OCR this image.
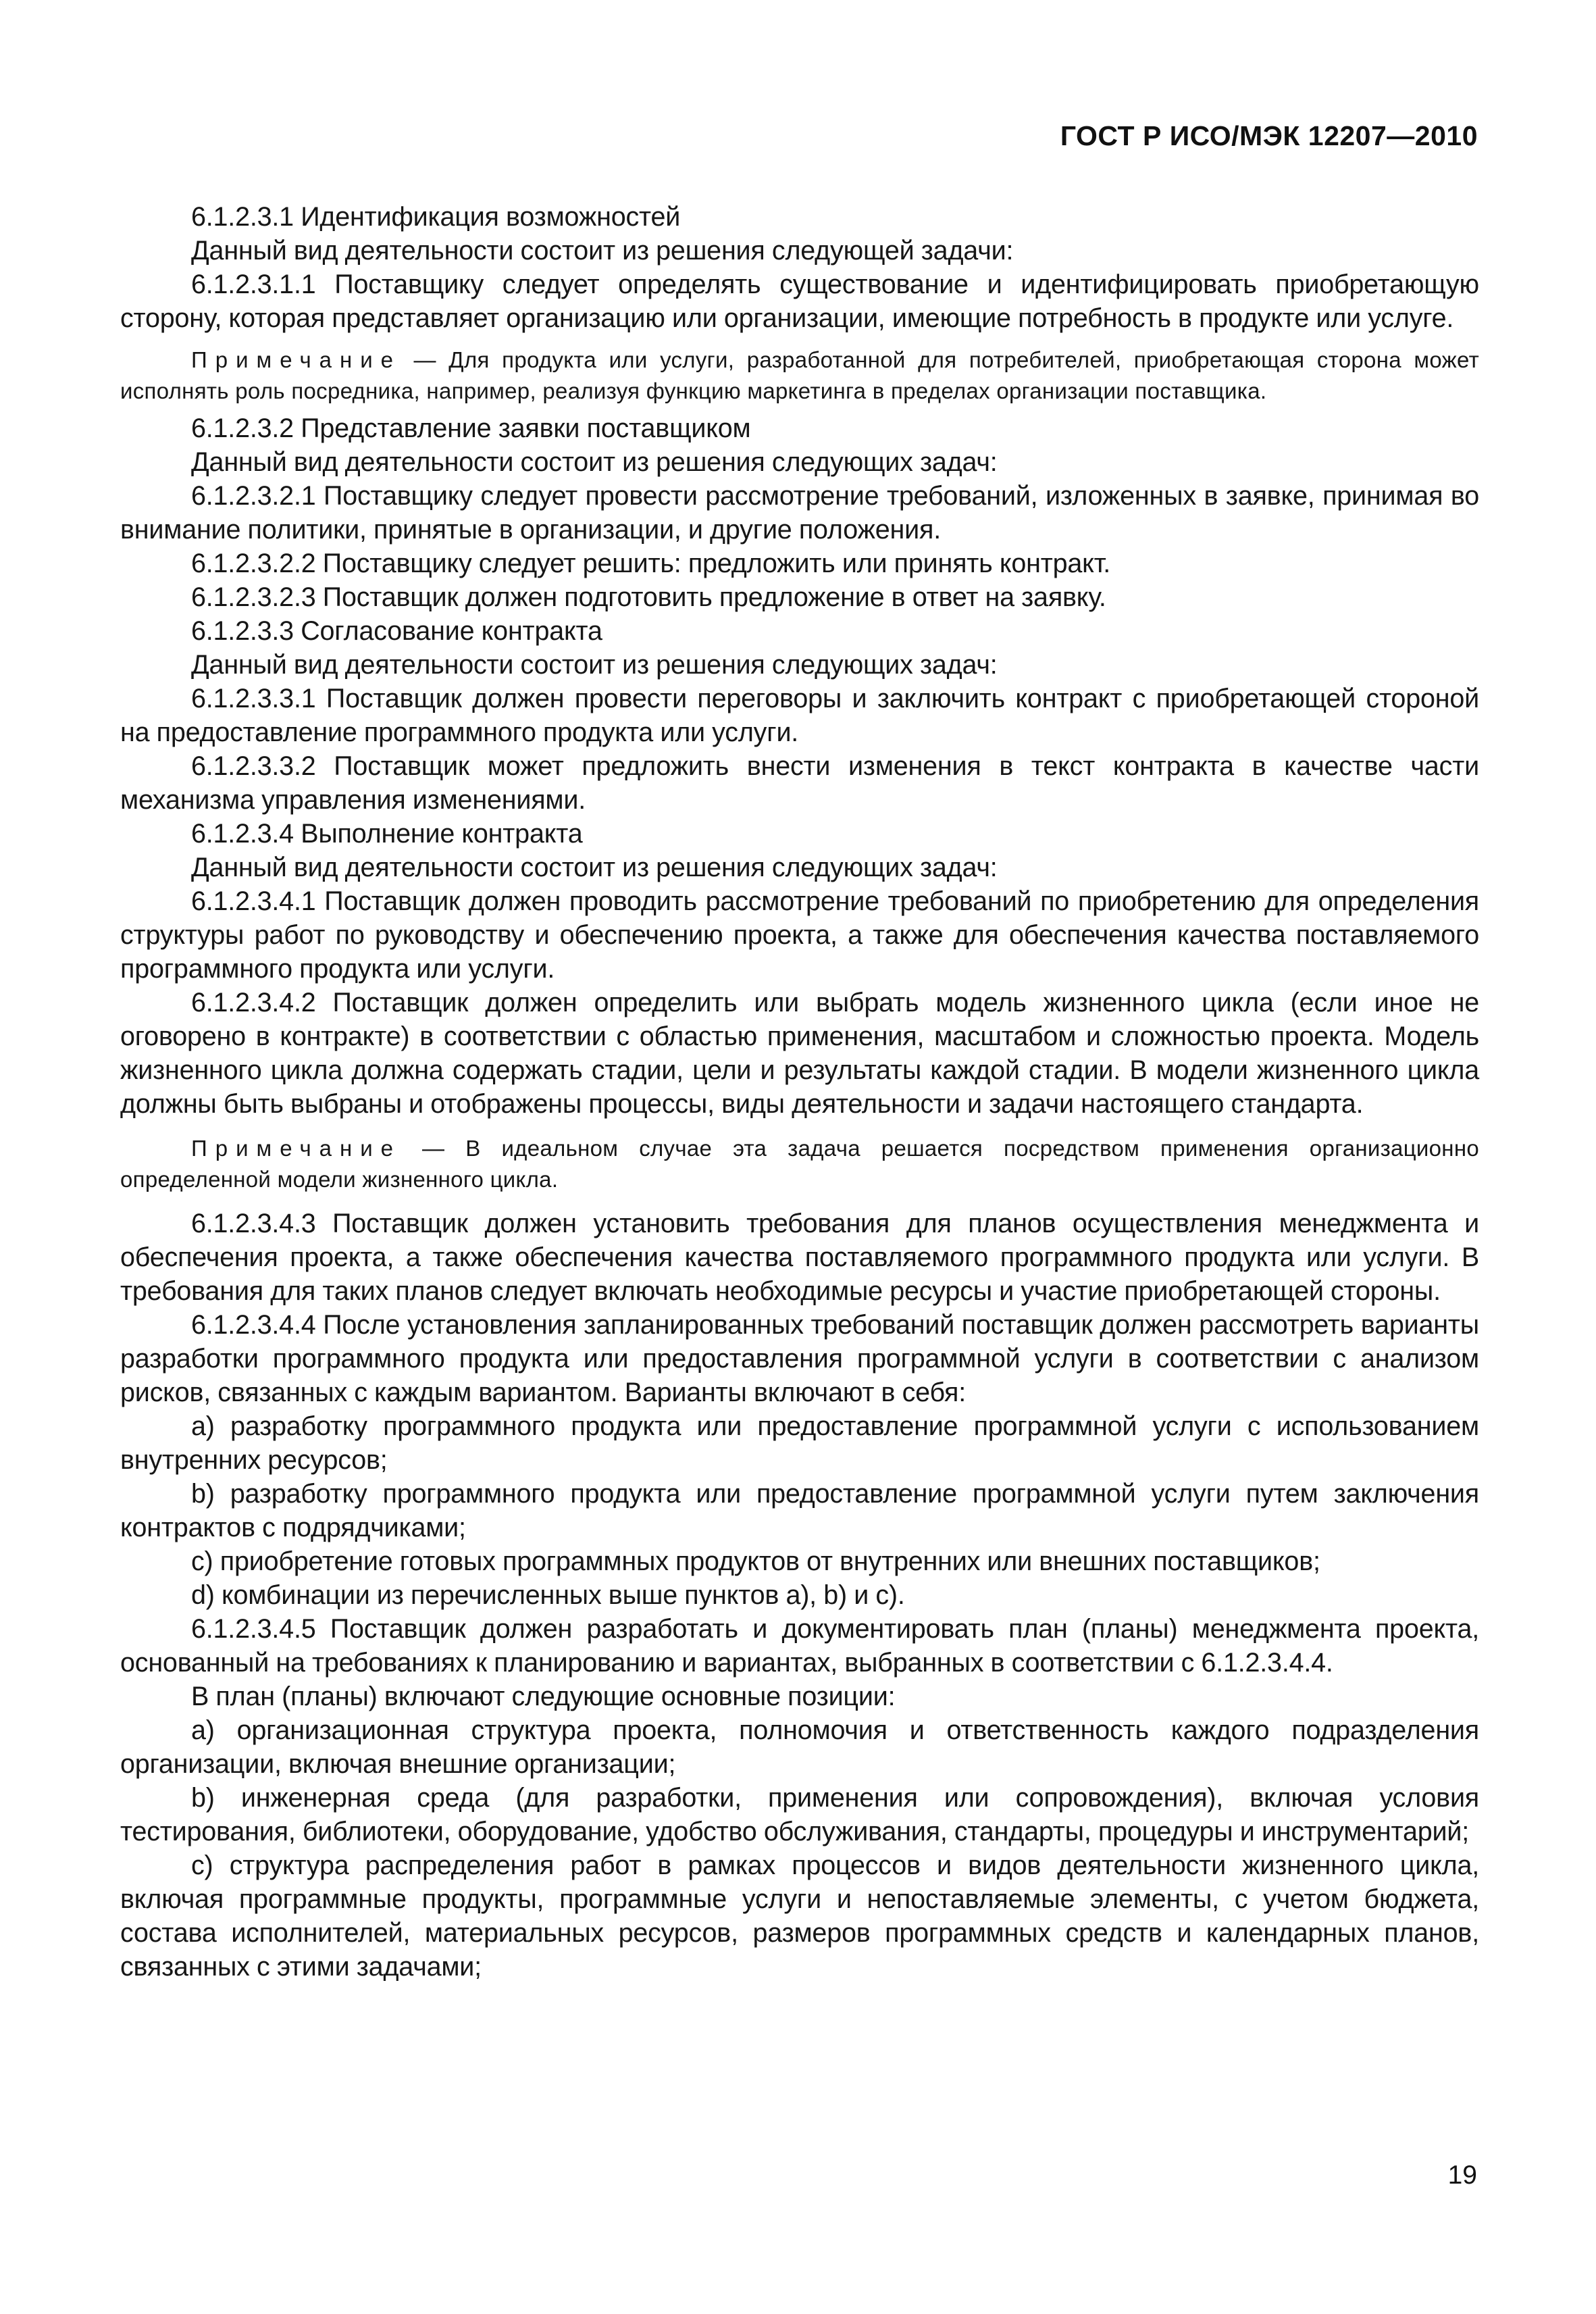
ГОСТ Р ИСО/МЭК 12207—2010

6.1.2.3.1 Идентификация возможностей

Данный вид деятельности состоит из решения следующей задачи:

6.1.2.3.1.1 Поставщику следует определять существование и идентифицировать приобретающую сторону, которая представляет организацию или организации, имеющие потребность в продукте или услуге.

Примечание — Для продукта или услуги, разработанной для потребителей, приобретающая сторона может исполнять роль посредника, например, реализуя функцию маркетинга в пределах организации поставщика.

6.1.2.3.2 Представление заявки поставщиком

Данный вид деятельности состоит из решения следующих задач:

6.1.2.3.2.1 Поставщику следует провести рассмотрение требований, изложенных в заявке, принимая во внимание политики, принятые в организации, и другие положения.

6.1.2.3.2.2 Поставщику следует решить: предложить или принять контракт.

6.1.2.3.2.3 Поставщик должен подготовить предложение в ответ на заявку.

6.1.2.3.3 Согласование контракта

Данный вид деятельности состоит из решения следующих задач:

6.1.2.3.3.1 Поставщик должен провести переговоры и заключить контракт с приобретающей стороной на предоставление программного продукта или услуги.

6.1.2.3.3.2 Поставщик может предложить внести изменения в текст контракта в качестве части механизма управления изменениями.

6.1.2.3.4 Выполнение контракта

Данный вид деятельности состоит из решения следующих задач:

6.1.2.3.4.1 Поставщик должен проводить рассмотрение требований по приобретению для определения структуры работ по руководству и обеспечению проекта, а также для обеспечения качества поставляемого программного продукта или услуги.

6.1.2.3.4.2 Поставщик должен определить или выбрать модель жизненного цикла (если иное не оговорено в контракте) в соответствии с областью применения, масштабом и сложностью проекта. Модель жизненного цикла должна содержать стадии, цели и результаты каждой стадии. В модели жизненного цикла должны быть выбраны и отображены процессы, виды деятельности и задачи настоящего стандарта.

Примечание — В идеальном случае эта задача решается посредством применения организационно определенной модели жизненного цикла.

6.1.2.3.4.3 Поставщик должен установить требования для планов осуществления менеджмента и обеспечения проекта, а также обеспечения качества поставляемого программного продукта или услуги. В требования для таких планов следует включать необходимые ресурсы и участие приобретающей стороны.

6.1.2.3.4.4 После установления запланированных требований поставщик должен рассмотреть варианты разработки программного продукта или предоставления программной услуги в соответствии с анализом рисков, связанных с каждым вариантом. Варианты включают в себя:

a) разработку программного продукта или предоставление программной услуги с использованием внутренних ресурсов;

b) разработку программного продукта или предоставление программной услуги путем заключения контрактов с подрядчиками;

c) приобретение готовых программных продуктов от внутренних или внешних поставщиков;

d) комбинации из перечисленных выше пунктов a), b) и c).

6.1.2.3.4.5 Поставщик должен разработать и документировать план (планы) менеджмента проекта, основанный на требованиях к планированию и вариантах, выбранных в соответствии с 6.1.2.3.4.4.

В план (планы) включают следующие основные позиции:

a) организационная структура проекта, полномочия и ответственность каждого подразделения организации, включая внешние организации;

b) инженерная среда (для разработки, применения или сопровождения), включая условия тестирования, библиотеки, оборудование, удобство обслуживания, стандарты, процедуры и инструментарий;

c) структура распределения работ в рамках процессов и видов деятельности жизненного цикла, включая программные продукты, программные услуги и непоставляемые элементы, с учетом бюджета, состава исполнителей, материальных ресурсов, размеров программных средств и календарных планов, связанных с этими задачами;

19
